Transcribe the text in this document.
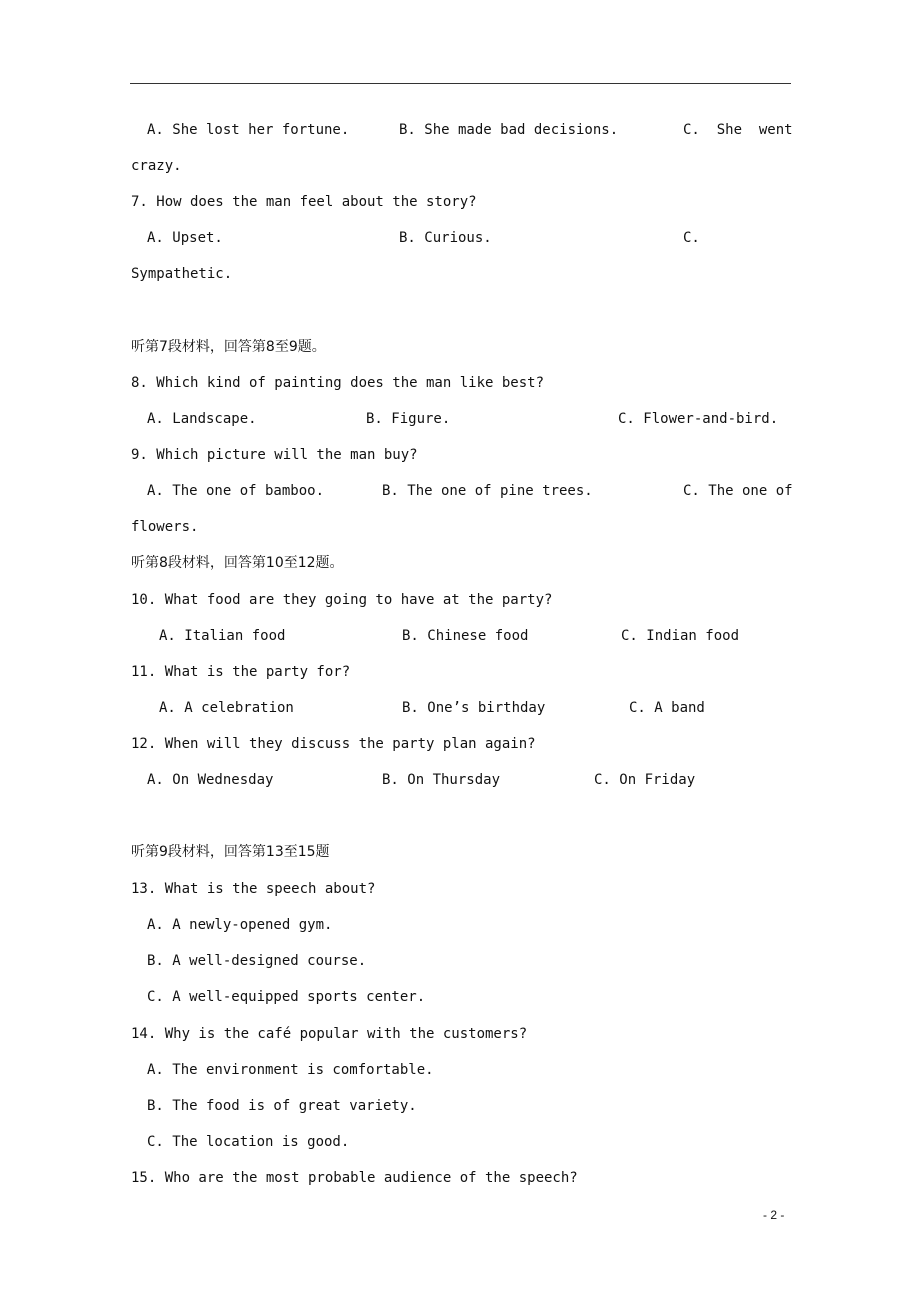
A. She lost her fortune.	B. She made bad decisions.	C.  She  went
crazy.
7. How does the man feel about the story?
A. Upset.	B. Curious.	C.
Sympathetic.
听第7段材料，回答第8至9题。
8. Which kind of painting does the man like best?
A. Landscape.	B. Figure.	C. Flower-and-bird.
9. Which picture will the man buy?
A. The one of bamboo.	B. The one of pine trees.	C. The one of
flowers.
听第8段材料，回答第10至12题。
10. What food are they going to have at the party?
A. Italian food	B. Chinese food	C. Indian food
11. What is the party for?
A. A celebration	B. One’s birthday	C. A band
12. When will they discuss the party plan again?
A. On Wednesday	B. On Thursday	C. On Friday
听第9段材料，回答第13至15题
13. What is the speech about?
A. A newly-opened gym.
B. A well-designed course.
C. A well-equipped sports center.
14. Why is the café popular with the customers?
A. The environment is comfortable.
B. The food is of great variety.
C. The location is good.
15. Who are the most probable audience of the speech?
- 2 -
